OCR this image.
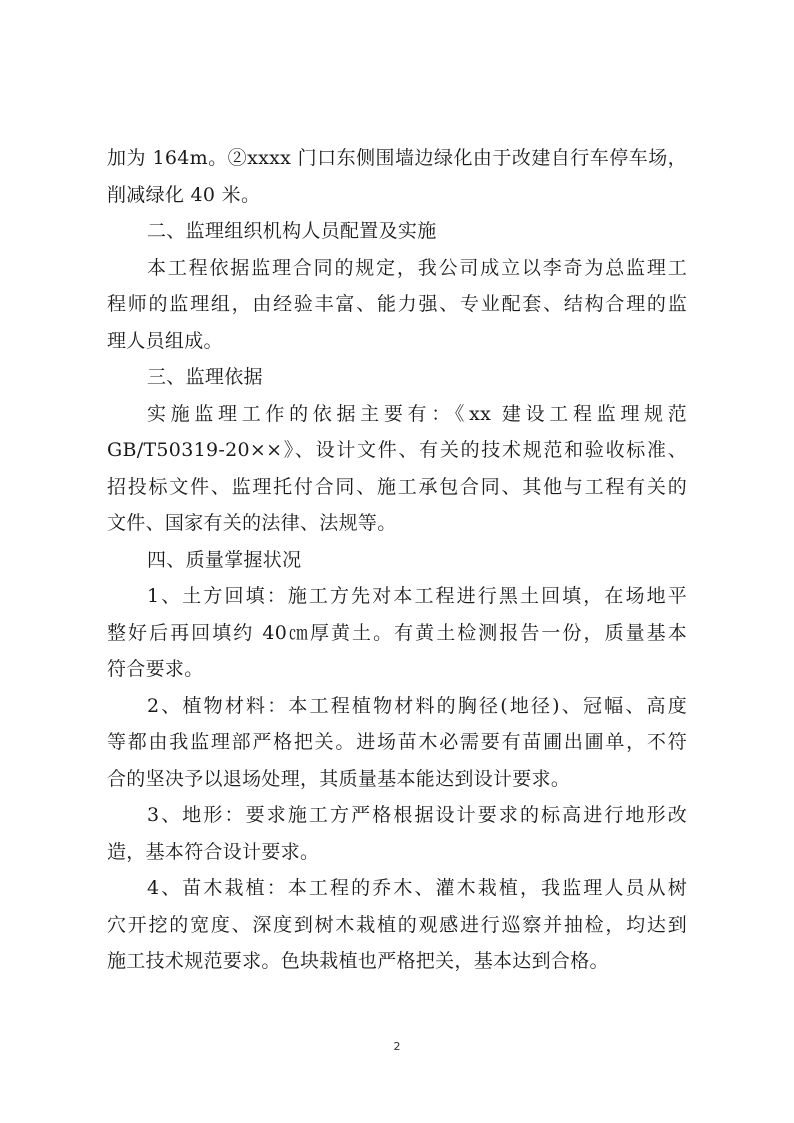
加为 164m。②xxxx 门口东侧围墙边绿化由于改建自行车停车场，
削减绿化 40 米。
二、监理组织机构人员配置及实施
本工程依据监理合同的规定，我公司成立以李奇为总监理工
程师的监理组，由经验丰富、能力强、专业配套、结构合理的监
理人员组成。
三、监理依据
实施监理工作的依据主要有：《xx 建设工程监理规范
GB/T50319-20××》、设计文件、有关的技术规范和验收标准、
招投标文件、监理托付合同、施工承包合同、其他与工程有关的
文件、国家有关的法律、法规等。
四、质量掌握状况
1、土方回填：施工方先对本工程进行黑土回填，在场地平
整好后再回填约 40㎝厚黄土。有黄土检测报告一份，质量基本
符合要求。
2、植物材料：本工程植物材料的胸径(地径)、冠幅、高度
等都由我监理部严格把关。进场苗木必需要有苗圃出圃单，不符
合的坚决予以退场处理，其质量基本能达到设计要求。
3、地形：要求施工方严格根据设计要求的标高进行地形改
造，基本符合设计要求。
4、苗木栽植：本工程的乔木、灌木栽植，我监理人员从树
穴开挖的宽度、深度到树木栽植的观感进行巡察并抽检，均达到
施工技术规范要求。色块栽植也严格把关，基本达到合格。
2
